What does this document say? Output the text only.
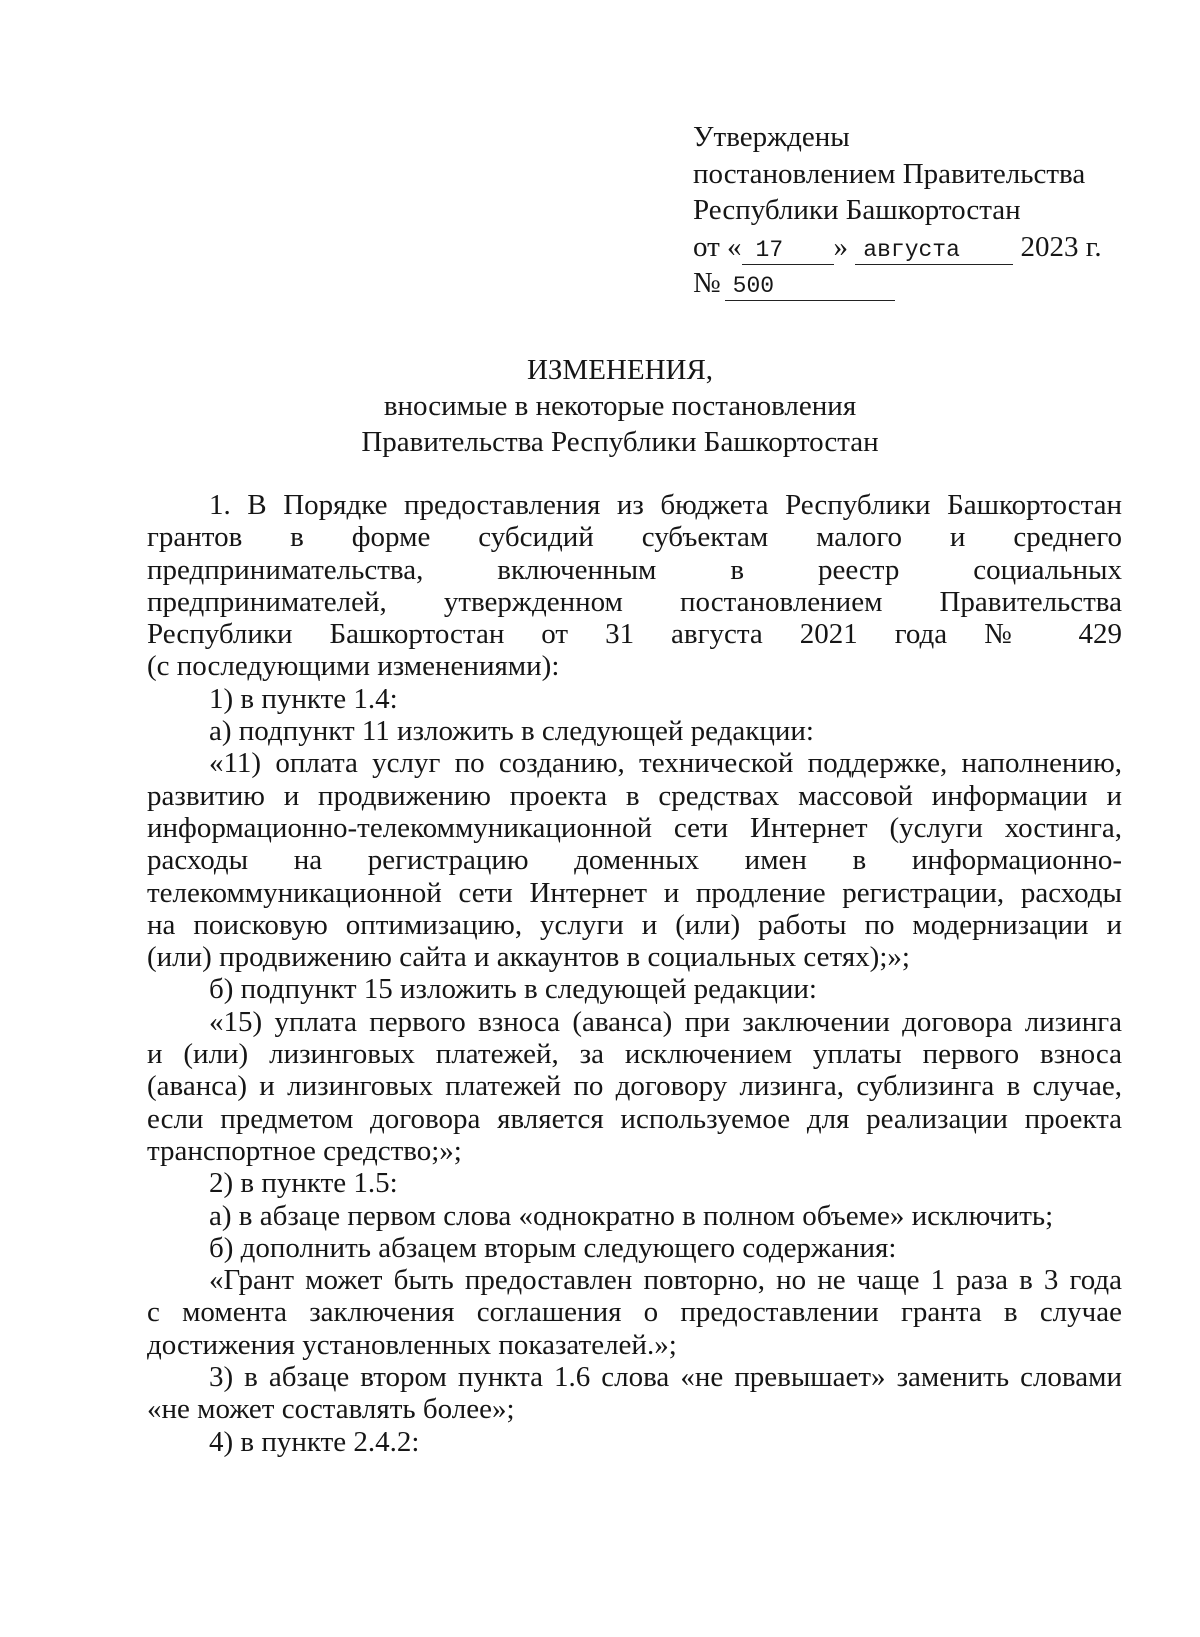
Утверждены
постановлением Правительства
Республики Башкортостан
от « 17 » августа 2023 г.
№ 500
ИЗМЕНЕНИЯ,
вносимые в некоторые постановления
Правительства Республики Башкортостан

1. В Порядке предоставления из бюджета Республики Башкортостан

грантов в форме субсидий субъектам малого и среднего

предпринимательства, включенным в реестр социальных

предпринимателей, утвержденном постановлением Правительства

Республики Башкортостан от 31 августа 2021 года № 429

(с последующими изменениями):

1) в пункте 1.4:

а) подпункт 11 изложить в следующей редакции:

«11) оплата услуг по созданию, технической поддержке, наполнению,

развитию и продвижению проекта в средствах массовой информации и

информационно-телекоммуникационной сети Интернет (услуги хостинга,

расходы на регистрацию доменных имен в информационно-

телекоммуникационной сети Интернет и продление регистрации, расходы

на поисковую оптимизацию, услуги и (или) работы по модернизации и

(или) продвижению сайта и аккаунтов в социальных сетях);»;

б) подпункт 15 изложить в следующей редакции:

«15) уплата первого взноса (аванса) при заключении договора лизинга

и (или) лизинговых платежей, за исключением уплаты первого взноса

(аванса) и лизинговых платежей по договору лизинга, сублизинга в случае,

если предметом договора является используемое для реализации проекта

транспортное средство;»;

2) в пункте 1.5:

а) в абзаце первом слова «однократно в полном объеме» исключить;

б) дополнить абзацем вторым следующего содержания:

«Грант может быть предоставлен повторно, но не чаще 1 раза в 3 года

с момента заключения соглашения о предоставлении гранта в случае

достижения установленных показателей.»;

3) в абзаце втором пункта 1.6 слова «не превышает» заменить словами

«не может составлять более»;

4) в пункте 2.4.2:
